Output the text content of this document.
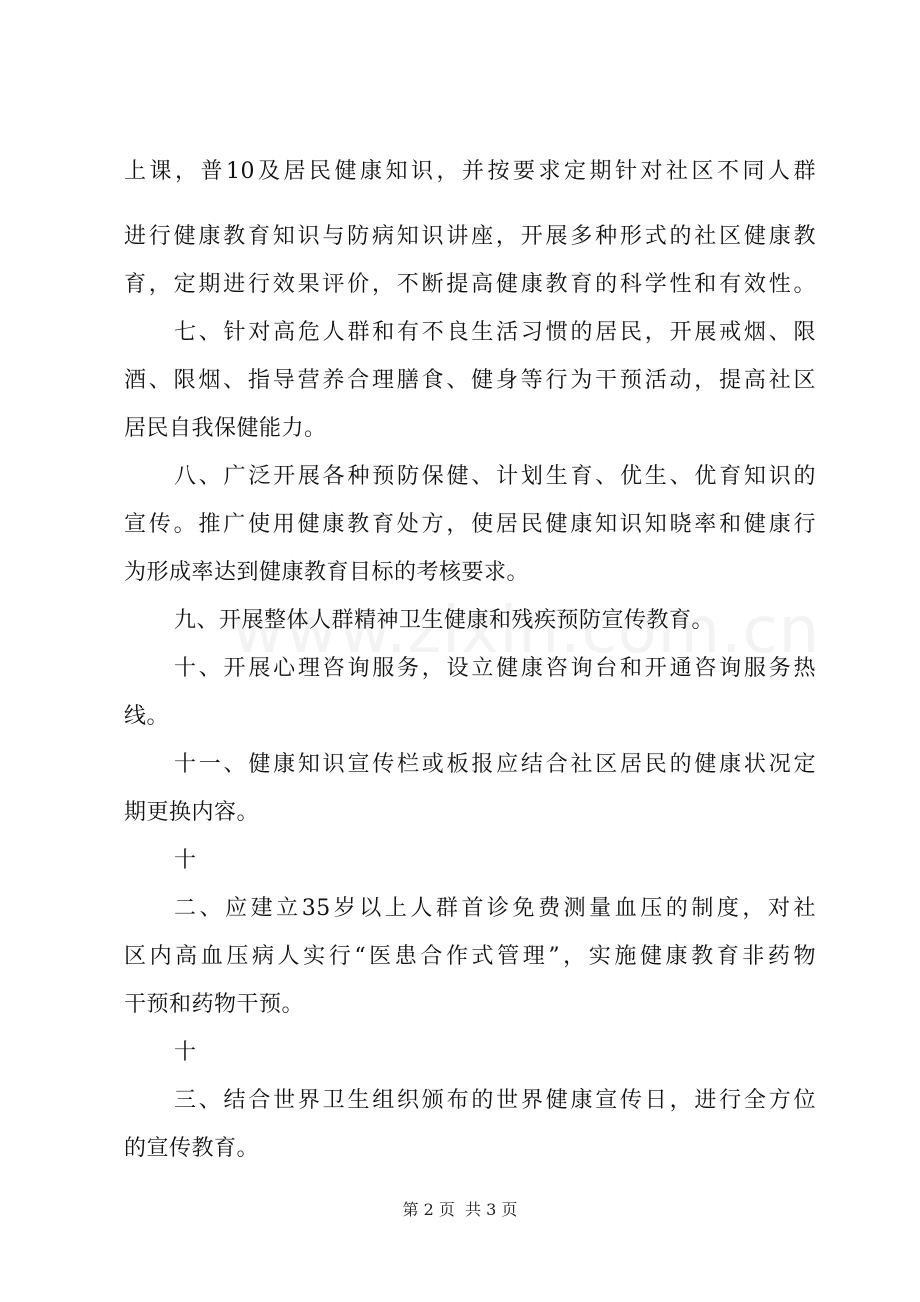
上课，普10及居民健康知识，并按要求定期针对社区不同人群
进行健康教育知识与防病知识讲座，开展多种形式的社区健康教
育，定期进行效果评价，不断提高健康教育的科学性和有效性。
七、针对高危人群和有不良生活习惯的居民，开展戒烟、限
酒、限烟、指导营养合理膳食、健身等行为干预活动，提高社区
居民自我保健能力。
八、广泛开展各种预防保健、计划生育、优生、优育知识的
宣传。推广使用健康教育处方，使居民健康知识知晓率和健康行
为形成率达到健康教育目标的考核要求。
九、开展整体人群精神卫生健康和残疾预防宣传教育。
十、开展心理咨询服务，设立健康咨询台和开通咨询服务热
线。
十一、健康知识宣传栏或板报应结合社区居民的健康状况定
期更换内容。
十
二、应建立35岁以上人群首诊免费测量血压的制度，对社
区内高血压病人实行“医患合作式管理”，实施健康教育非药物
干预和药物干预。
十
三、结合世界卫生组织颁布的世界健康宣传日，进行全方位
的宣传教育。
第 2 页  共 3 页
